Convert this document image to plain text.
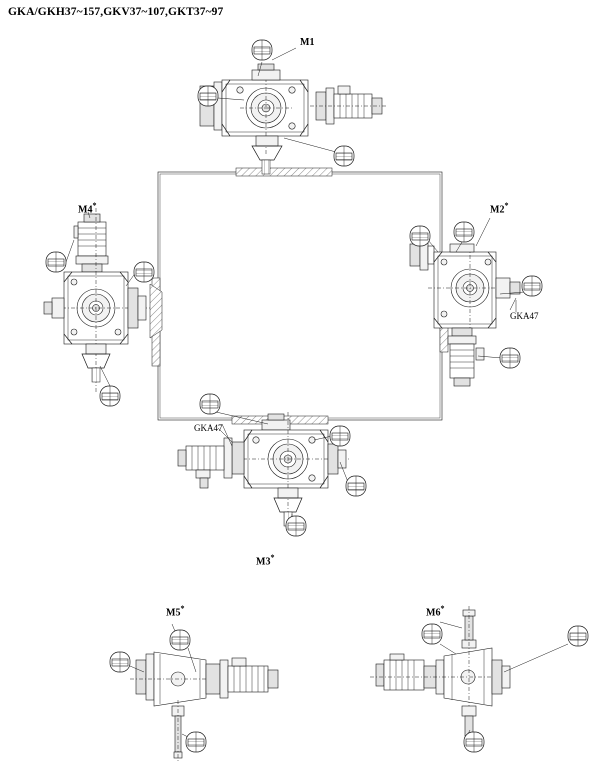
GKA/GKH37~157,GKV37~107,GKT37~97
M1
M2*
M3*
M4*
M5*	M6*
GKA47
GKA47
